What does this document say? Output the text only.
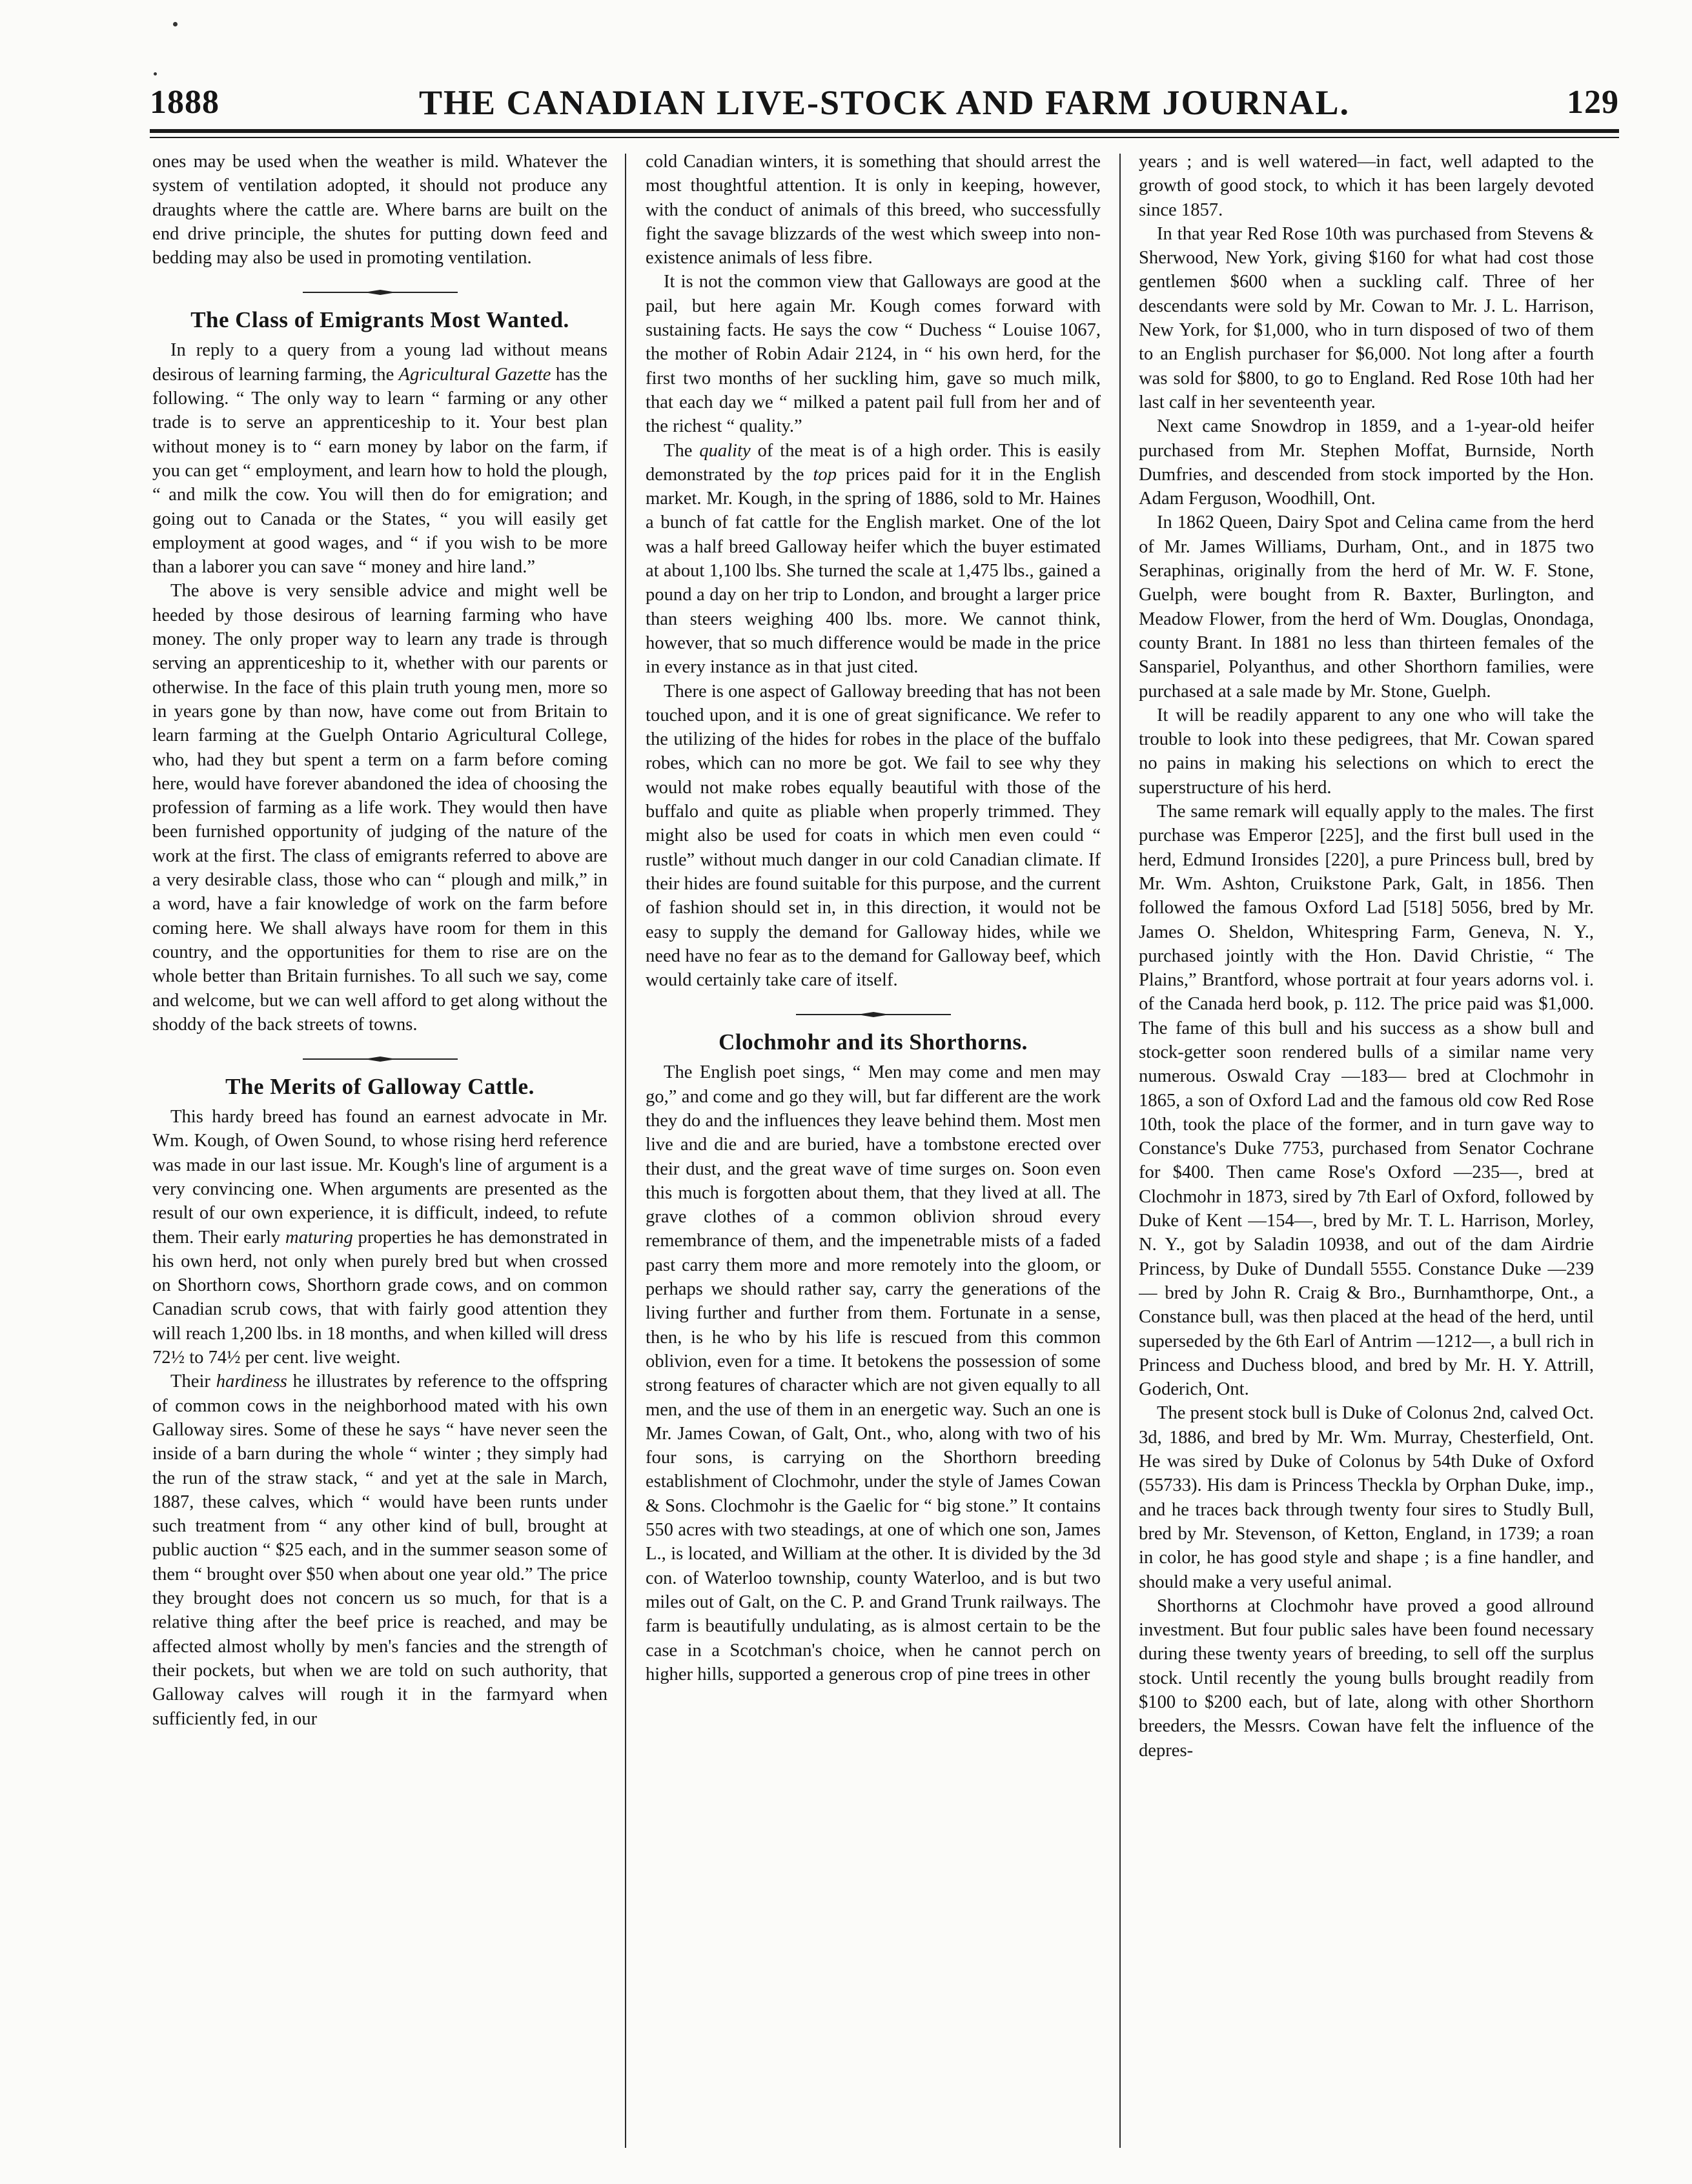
1888	THE CANADIAN LIVE-STOCK AND FARM JOURNAL.	129

ones may be used when the weather is mild. Whatever the system of ventilation adopted, it should not produce any draughts where the cattle are. Where barns are built on the end drive principle, the shutes for putting down feed and bedding may also be used in promoting ventilation.

The Class of Emigrants Most Wanted.

In reply to a query from a young lad without means desirous of learning farming, the Agricultural Gazette has the following. “ The only way to learn “ farming or any other trade is to serve an apprenticeship to it. Your best plan without money is to “ earn money by labor on the farm, if you can get “ employment, and learn how to hold the plough, “ and milk the cow. You will then do for emigration; and going out to Canada or the States, “ you will easily get employment at good wages, and “ if you wish to be more than a laborer you can save “ money and hire land.”

The above is very sensible advice and might well be heeded by those desirous of learning farming who have money. The only proper way to learn any trade is through serving an apprenticeship to it, whether with our parents or otherwise. In the face of this plain truth young men, more so in years gone by than now, have come out from Britain to learn farming at the Guelph Ontario Agricultural College, who, had they but spent a term on a farm before coming here, would have forever abandoned the idea of choosing the profession of farming as a life work. They would then have been furnished opportunity of judging of the nature of the work at the first. The class of emigrants referred to above are a very desirable class, those who can “ plough and milk,” in a word, have a fair knowledge of work on the farm before coming here. We shall always have room for them in this country, and the opportunities for them to rise are on the whole better than Britain furnishes. To all such we say, come and welcome, but we can well afford to get along without the shoddy of the back streets of towns.

The Merits of Galloway Cattle.

This hardy breed has found an earnest advocate in Mr. Wm. Kough, of Owen Sound, to whose rising herd reference was made in our last issue. Mr. Kough's line of argument is a very convincing one. When arguments are presented as the result of our own experience, it is difficult, indeed, to refute them. Their early maturing properties he has demonstrated in his own herd, not only when purely bred but when crossed on Shorthorn cows, Shorthorn grade cows, and on common Canadian scrub cows, that with fairly good attention they will reach 1,200 lbs. in 18 months, and when killed will dress 72½ to 74½ per cent. live weight.

Their hardiness he illustrates by reference to the offspring of common cows in the neighborhood mated with his own Galloway sires. Some of these he says “ have never seen the inside of a barn during the whole “ winter ; they simply had the run of the straw stack, “ and yet at the sale in March, 1887, these calves, which “ would have been runts under such treatment from “ any other kind of bull, brought at public auction “ $25 each, and in the summer season some of them “ brought over $50 when about one year old.” The price they brought does not concern us so much, for that is a relative thing after the beef price is reached, and may be affected almost wholly by men's fancies and the strength of their pockets, but when we are told on such authority, that Galloway calves will rough it in the farmyard when sufficiently fed, in our

cold Canadian winters, it is something that should arrest the most thoughtful attention. It is only in keeping, however, with the conduct of animals of this breed, who successfully fight the savage blizzards of the west which sweep into non-existence animals of less fibre.

It is not the common view that Galloways are good at the pail, but here again Mr. Kough comes forward with sustaining facts. He says the cow “ Duchess “ Louise 1067, the mother of Robin Adair 2124, in “ his own herd, for the first two months of her suckling him, gave so much milk, that each day we “ milked a patent pail full from her and of the richest “ quality.”

The quality of the meat is of a high order. This is easily demonstrated by the top prices paid for it in the English market. Mr. Kough, in the spring of 1886, sold to Mr. Haines a bunch of fat cattle for the English market. One of the lot was a half breed Galloway heifer which the buyer estimated at about 1,100 lbs. She turned the scale at 1,475 lbs., gained a pound a day on her trip to London, and brought a larger price than steers weighing 400 lbs. more. We cannot think, however, that so much difference would be made in the price in every instance as in that just cited.

There is one aspect of Galloway breeding that has not been touched upon, and it is one of great significance. We refer to the utilizing of the hides for robes in the place of the buffalo robes, which can no more be got. We fail to see why they would not make robes equally beautiful with those of the buffalo and quite as pliable when properly trimmed. They might also be used for coats in which men even could “ rustle” without much danger in our cold Canadian climate. If their hides are found suitable for this purpose, and the current of fashion should set in, in this direction, it would not be easy to supply the demand for Galloway hides, while we need have no fear as to the demand for Galloway beef, which would certainly take care of itself.

Clochmohr and its Shorthorns.

The English poet sings, “ Men may come and men may go,” and come and go they will, but far different are the work they do and the influences they leave behind them. Most men live and die and are buried, have a tombstone erected over their dust, and the great wave of time surges on. Soon even this much is forgotten about them, that they lived at all. The grave clothes of a common oblivion shroud every remembrance of them, and the impenetrable mists of a faded past carry them more and more remotely into the gloom, or perhaps we should rather say, carry the generations of the living further and further from them. Fortunate in a sense, then, is he who by his life is rescued from this common oblivion, even for a time. It betokens the possession of some strong features of character which are not given equally to all men, and the use of them in an energetic way. Such an one is Mr. James Cowan, of Galt, Ont., who, along with two of his four sons, is carrying on the Shorthorn breeding establishment of Clochmohr, under the style of James Cowan & Sons. Clochmohr is the Gaelic for “ big stone.” It contains 550 acres with two steadings, at one of which one son, James L., is located, and William at the other. It is divided by the 3d con. of Waterloo township, county Waterloo, and is but two miles out of Galt, on the C. P. and Grand Trunk railways. The farm is beautifully undulating, as is almost certain to be the case in a Scotchman's choice, when he cannot perch on higher hills, supported a generous crop of pine trees in other

years ; and is well watered—in fact, well adapted to the growth of good stock, to which it has been largely devoted since 1857.

In that year Red Rose 10th was purchased from Stevens & Sherwood, New York, giving $160 for what had cost those gentlemen $600 when a suckling calf. Three of her descendants were sold by Mr. Cowan to Mr. J. L. Harrison, New York, for $1,000, who in turn disposed of two of them to an English purchaser for $6,000. Not long after a fourth was sold for $800, to go to England. Red Rose 10th had her last calf in her seventeenth year.

Next came Snowdrop in 1859, and a 1-year-old heifer purchased from Mr. Stephen Moffat, Burnside, North Dumfries, and descended from stock imported by the Hon. Adam Ferguson, Woodhill, Ont.

In 1862 Queen, Dairy Spot and Celina came from the herd of Mr. James Williams, Durham, Ont., and in 1875 two Seraphinas, originally from the herd of Mr. W. F. Stone, Guelph, were bought from R. Baxter, Burlington, and Meadow Flower, from the herd of Wm. Douglas, Onondaga, county Brant. In 1881 no less than thirteen females of the Sanspariel, Polyanthus, and other Shorthorn families, were purchased at a sale made by Mr. Stone, Guelph.

It will be readily apparent to any one who will take the trouble to look into these pedigrees, that Mr. Cowan spared no pains in making his selections on which to erect the superstructure of his herd.

The same remark will equally apply to the males. The first purchase was Emperor [225], and the first bull used in the herd, Edmund Ironsides [220], a pure Princess bull, bred by Mr. Wm. Ashton, Cruikstone Park, Galt, in 1856. Then followed the famous Oxford Lad [518] 5056, bred by Mr. James O. Sheldon, Whitespring Farm, Geneva, N. Y., purchased jointly with the Hon. David Christie, “ The Plains,” Brantford, whose portrait at four years adorns vol. i. of the Canada herd book, p. 112. The price paid was $1,000. The fame of this bull and his success as a show bull and stock-getter soon rendered bulls of a similar name very numerous. Oswald Cray —183— bred at Clochmohr in 1865, a son of Oxford Lad and the famous old cow Red Rose 10th, took the place of the former, and in turn gave way to Constance's Duke 7753, purchased from Senator Cochrane for $400. Then came Rose's Oxford —235—, bred at Clochmohr in 1873, sired by 7th Earl of Oxford, followed by Duke of Kent —154—, bred by Mr. T. L. Harrison, Morley, N. Y., got by Saladin 10938, and out of the dam Airdrie Princess, by Duke of Dundall 5555. Constance Duke —239— bred by John R. Craig & Bro., Burnhamthorpe, Ont., a Constance bull, was then placed at the head of the herd, until superseded by the 6th Earl of Antrim —1212—, a bull rich in Princess and Duchess blood, and bred by Mr. H. Y. Attrill, Goderich, Ont.

The present stock bull is Duke of Colonus 2nd, calved Oct. 3d, 1886, and bred by Mr. Wm. Murray, Chesterfield, Ont. He was sired by Duke of Colonus by 54th Duke of Oxford (55733). His dam is Princess Theckla by Orphan Duke, imp., and he traces back through twenty four sires to Studly Bull, bred by Mr. Stevenson, of Ketton, England, in 1739; a roan in color, he has good style and shape ; is a fine handler, and should make a very useful animal.

Shorthorns at Clochmohr have proved a good allround investment. But four public sales have been found necessary during these twenty years of breeding, to sell off the surplus stock. Until recently the young bulls brought readily from $100 to $200 each, but of late, along with other Shorthorn breeders, the Messrs. Cowan have felt the influence of the depres-
